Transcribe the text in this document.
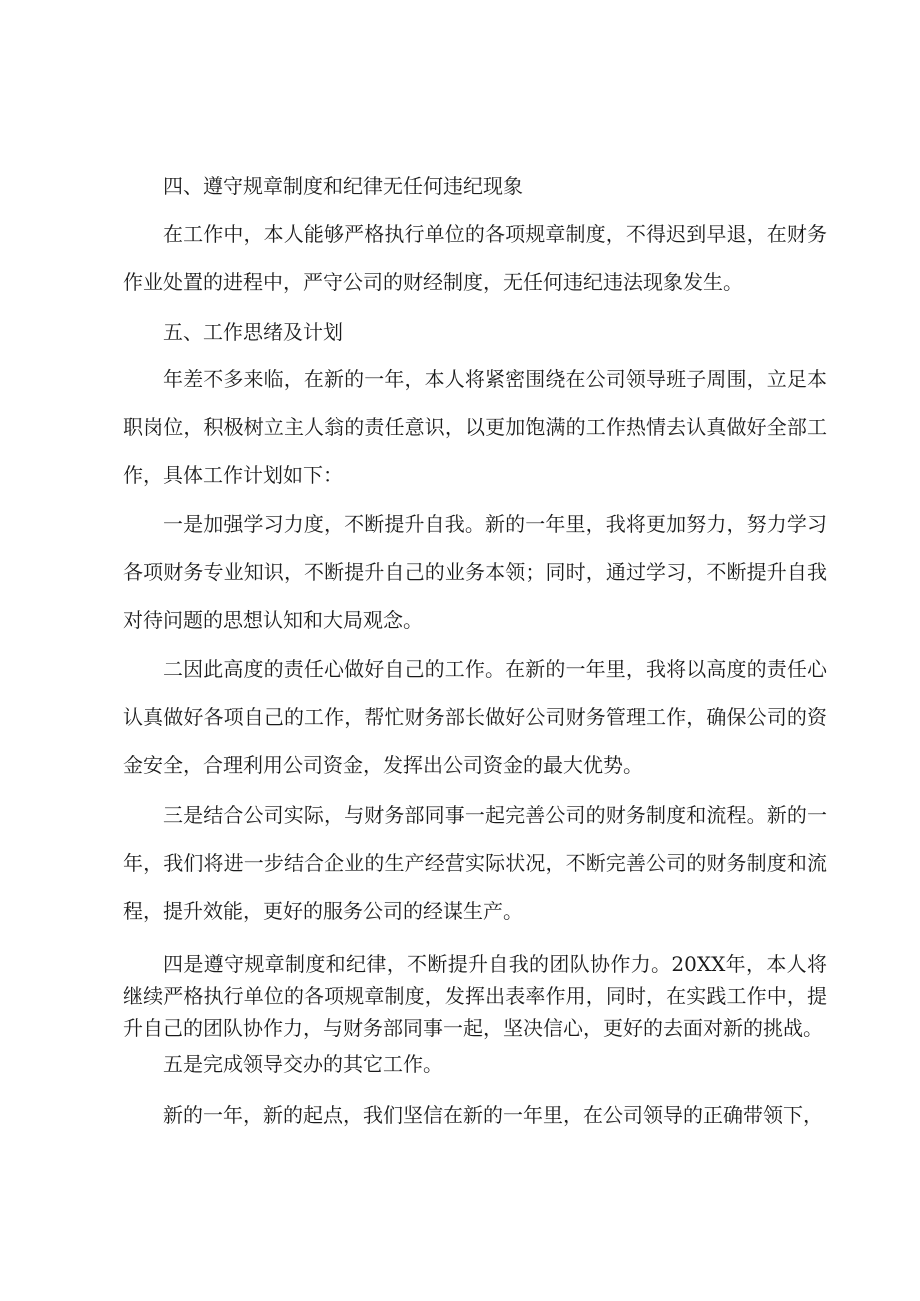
四、遵守规章制度和纪律无任何违纪现象

在工作中，本人能够严格执行单位的各项规章制度，不得迟到早退，在财务作业处置的进程中，严守公司的财经制度，无任何违纪违法现象发生。

五、工作思绪及计划

年差不多来临，在新的一年，本人将紧密围绕在公司领导班子周围，立足本职岗位，积极树立主人翁的责任意识，以更加饱满的工作热情去认真做好全部工作，具体工作计划如下：

一是加强学习力度，不断提升自我。新的一年里，我将更加努力，努力学习各项财务专业知识，不断提升自己的业务本领；同时，通过学习，不断提升自我对待问题的思想认知和大局观念。

二因此高度的责任心做好自己的工作。在新的一年里，我将以高度的责任心认真做好各项自己的工作，帮忙财务部长做好公司财务管理工作，确保公司的资金安全，合理利用公司资金，发挥出公司资金的最大优势。

三是结合公司实际，与财务部同事一起完善公司的财务制度和流程。新的一年，我们将进一步结合企业的生产经营实际状况，不断完善公司的财务制度和流程，提升效能，更好的服务公司的经谋生产。

四是遵守规章制度和纪律，不断提升自我的团队协作力。20XX年，本人将继续严格执行单位的各项规章制度，发挥出表率作用，同时，在实践工作中，提升自己的团队协作力，与财务部同事一起，坚决信心，更好的去面对新的挑战。

五是完成领导交办的其它工作。

新的一年，新的起点，我们坚信在新的一年里，在公司领导的正确带领下，
